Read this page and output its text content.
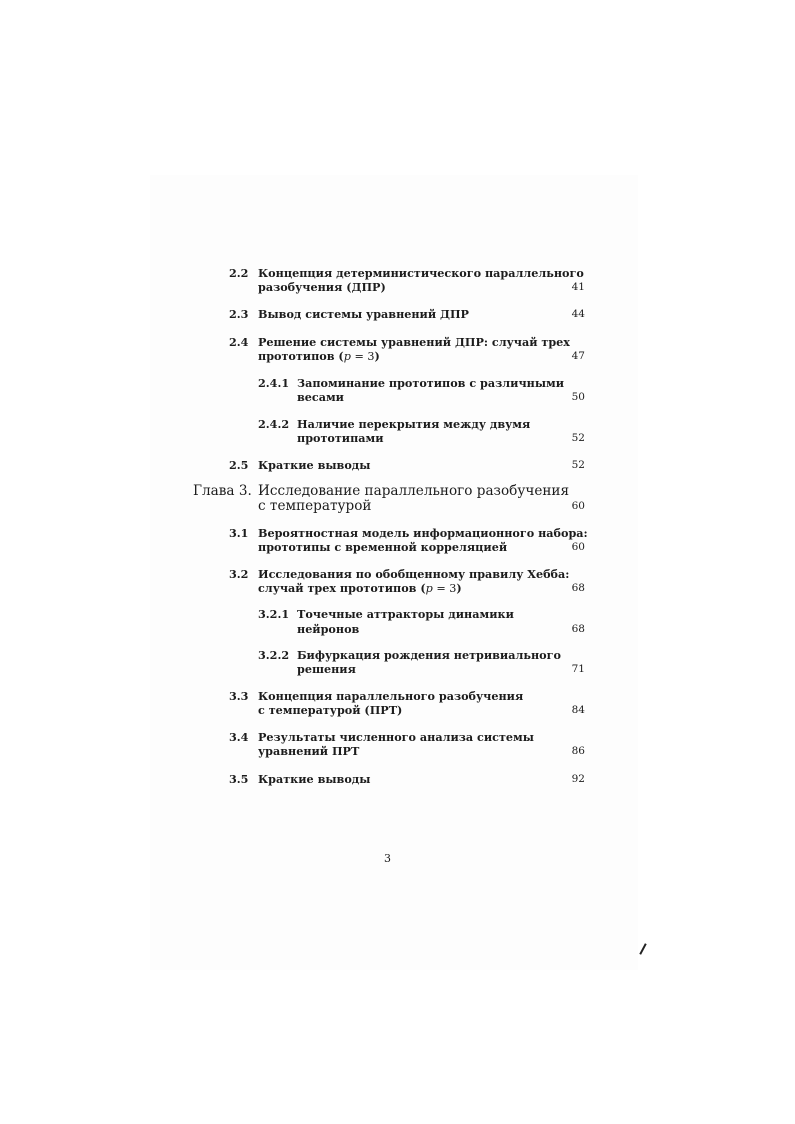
2.2 Концепция детерминистического параллельного
разобучения (ДПР)	41
2.3 Вывод системы уравнений ДПР	44
2.4 Решение системы уравнений ДПР: случай трех
прототипов (p = 3)	47
2.4.1 Запоминание прототипов с различными
весами	50
2.4.2 Наличие перекрытия между двумя
прототипами	52
2.5 Краткие выводы	52
Глава 3. Исследование параллельного разобучения
с температурой	60
3.1 Вероятностная модель информационного набора:
прототипы с временной корреляцией	60
3.2 Исследования по обобщенному правилу Хебба:
случай трех прототипов (p = 3)	68
3.2.1 Точечные аттракторы динамики
нейронов	68
3.2.2 Бифуркация рождения нетривиального
решения	71
3.3 Концепция параллельного разобучения
с температурой (ПРТ)	84
3.4 Результаты численного анализа системы
уравнений ПРТ	86
3.5 Краткие выводы	92
3
